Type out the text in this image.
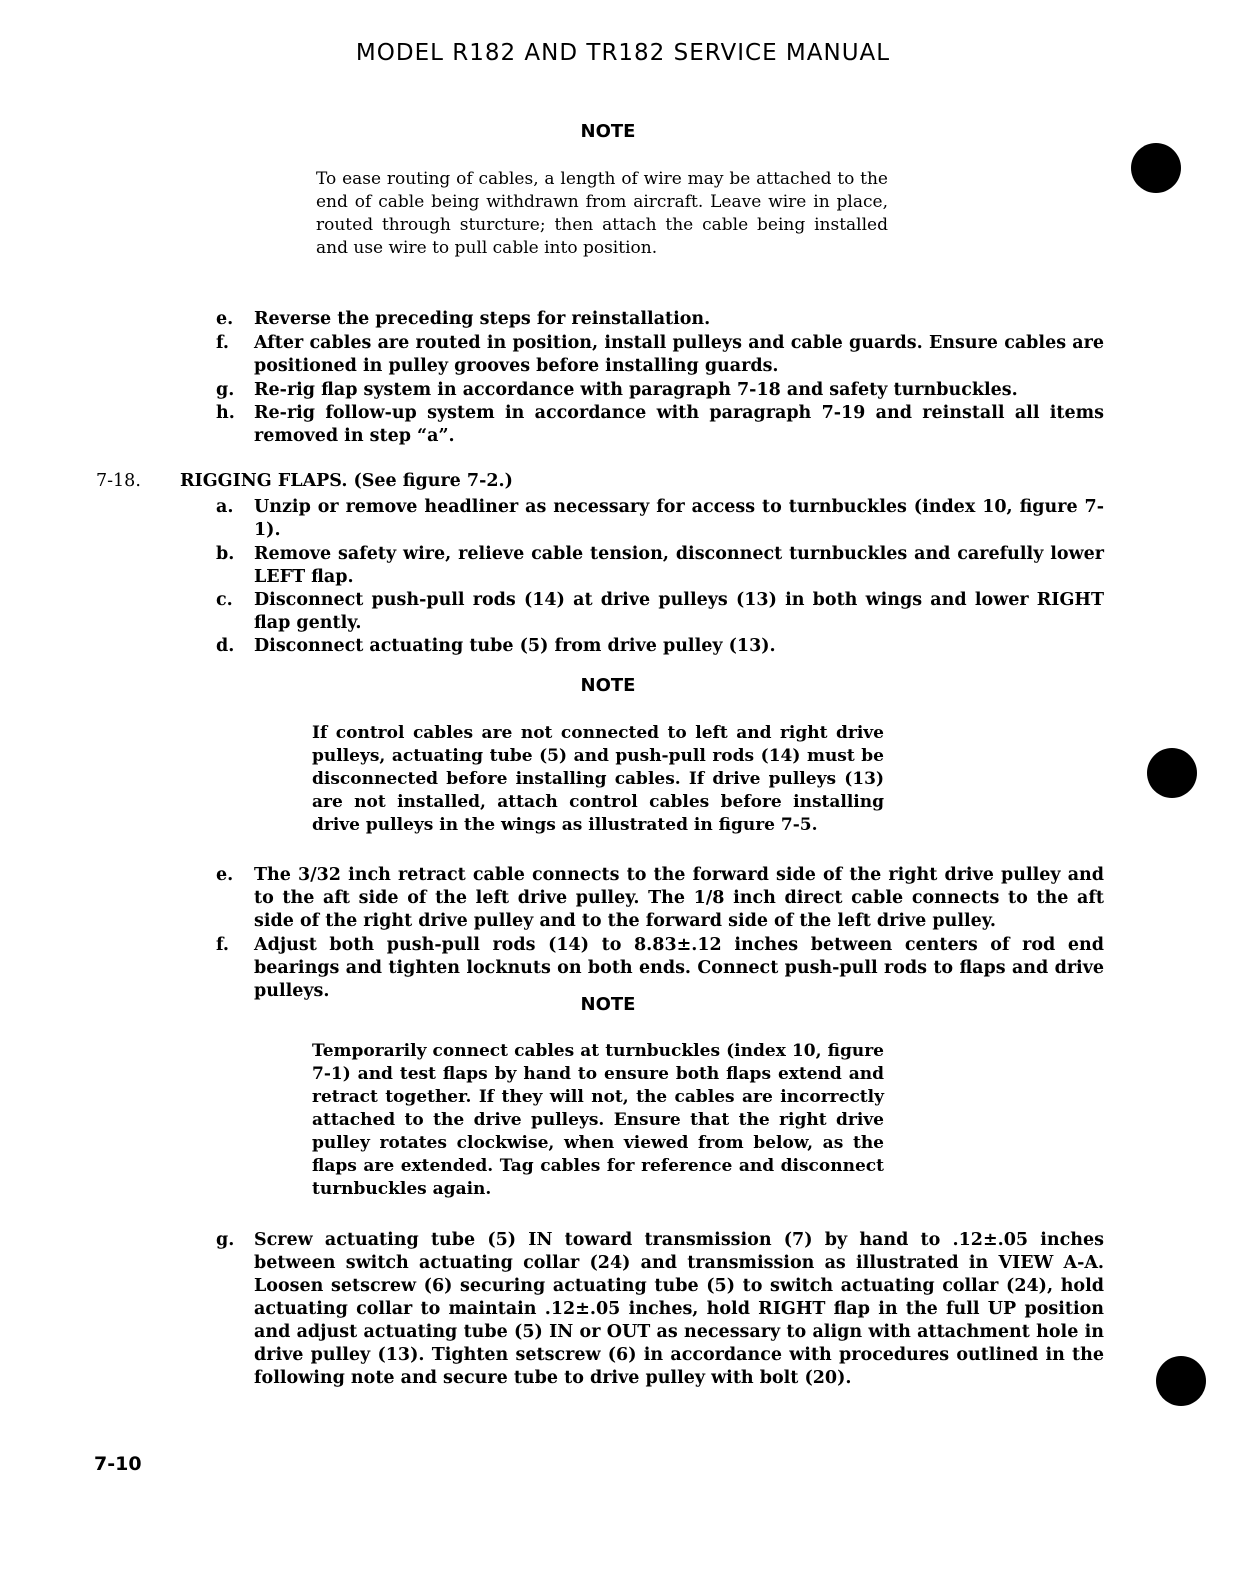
MODEL R182 AND TR182 SERVICE MANUAL
NOTE
To ease routing of cables, a length of wire may be attached to the end of cable being withdrawn from aircraft. Leave wire in place, routed through sturcture; then attach the cable being installed and use wire to pull cable into position.
e.	Reverse the preceding steps for reinstallation.
f.	After cables are routed in position, install pulleys and cable guards. Ensure cables are positioned in pulley grooves before installing guards.
g.	Re-rig flap system in accordance with paragraph 7-18 and safety turnbuckles.
h.	Re-rig follow-up system in accordance with paragraph 7-19 and reinstall all items removed in step “a”.
7-18. RIGGING FLAPS. (See figure 7-2.)
a.	Unzip or remove headliner as necessary for access to turnbuckles (index 10, figure 7-1).
b.	Remove safety wire, relieve cable tension, disconnect turnbuckles and carefully lower LEFT flap.
c.	Disconnect push-pull rods (14) at drive pulleys (13) in both wings and lower RIGHT flap gently.
d.	Disconnect actuating tube (5) from drive pulley (13).
NOTE
If control cables are not connected to left and right drive pulleys, actuating tube (5) and push-pull rods (14) must be disconnected before installing cables. If drive pulleys (13) are not installed, attach control cables before installing drive pulleys in the wings as illustrated in figure 7-5.
e.	The 3/32 inch retract cable connects to the forward side of the right drive pulley and to the aft side of the left drive pulley. The 1/8 inch direct cable connects to the aft side of the right drive pulley and to the forward side of the left drive pulley.
f.	Adjust both push-pull rods (14) to 8.83±.12 inches between centers of rod end bearings and tighten locknuts on both ends. Connect push-pull rods to flaps and drive pulleys.
NOTE
Temporarily connect cables at turnbuckles (index 10, figure 7-1) and test flaps by hand to ensure both flaps extend and retract together. If they will not, the cables are incorrectly attached to the drive pulleys. Ensure that the right drive pulley rotates clockwise, when viewed from below, as the flaps are extended. Tag cables for reference and disconnect turnbuckles again.
g.	Screw actuating tube (5) IN toward transmission (7) by hand to .12±.05 inches between switch actuating collar (24) and transmission as illustrated in VIEW A-A. Loosen setscrew (6) securing actuating tube (5) to switch actuating collar (24), hold actuating collar to maintain .12±.05 inches, hold RIGHT flap in the full UP position and adjust actuating tube (5) IN or OUT as necessary to align with attachment hole in drive pulley (13). Tighten setscrew (6) in accordance with procedures outlined in the following note and secure tube to drive pulley with bolt (20).
7-10
